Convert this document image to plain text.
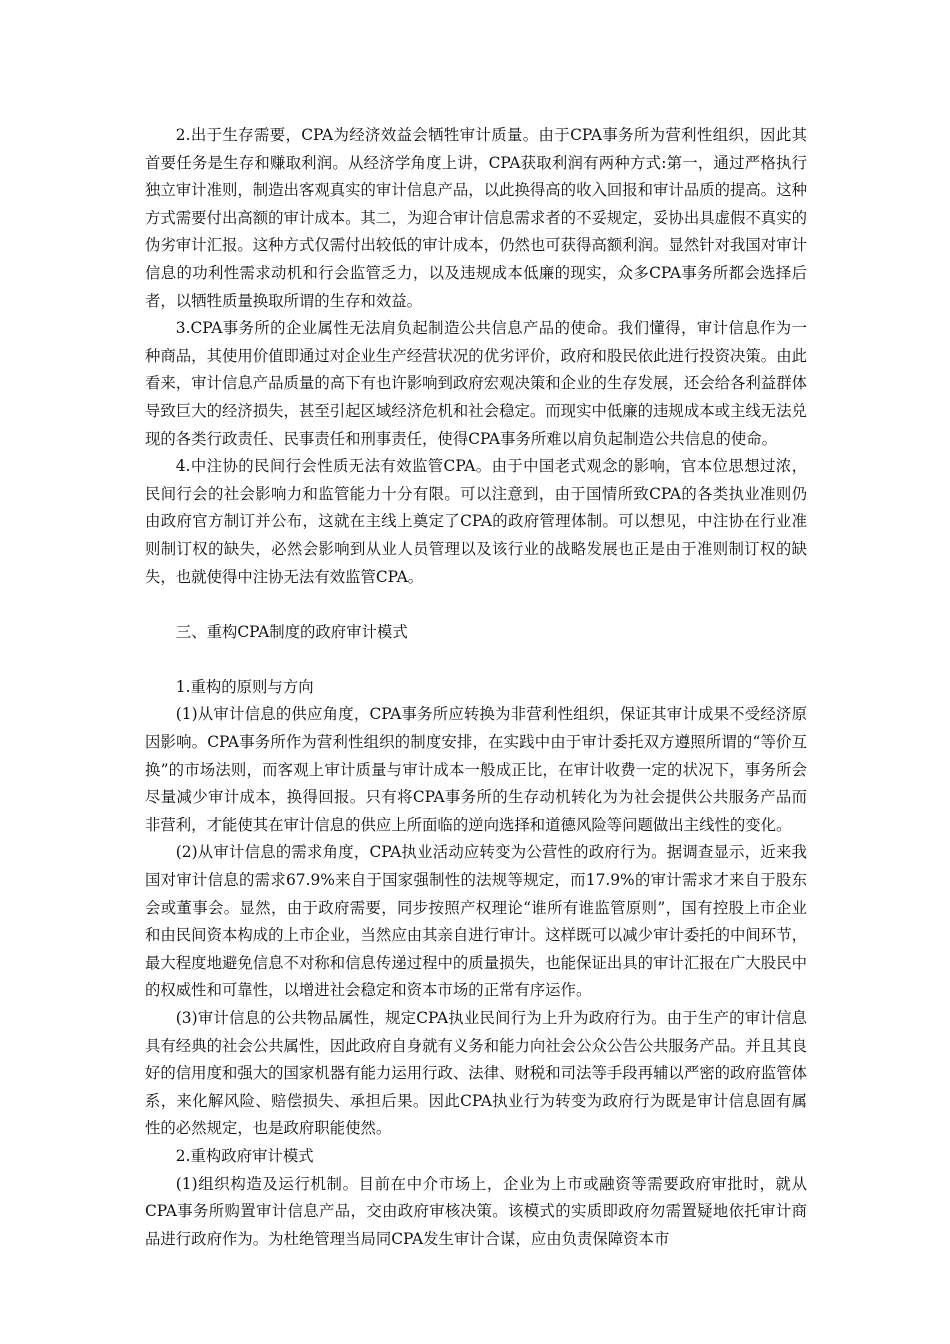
2.出于生存需要，CPA为经济效益会牺牲审计质量。由于CPA事务所为营利性组织，因此其首要任务是生存和赚取利润。从经济学角度上讲，CPA获取利润有两种方式:第一，通过严格执行独立审计准则，制造出客观真实的审计信息产品，以此换得高的收入回报和审计品质的提高。这种方式需要付出高额的审计成本。其二，为迎合审计信息需求者的不妥规定，妥协出具虚假不真实的伪劣审计汇报。这种方式仅需付出较低的审计成本，仍然也可获得高额利润。显然针对我国对审计信息的功利性需求动机和行会监管乏力，以及违规成本低廉的现实，众多CPA事务所都会选择后者，以牺牲质量换取所谓的生存和效益。

3.CPA事务所的企业属性无法肩负起制造公共信息产品的使命。我们懂得，审计信息作为一种商品，其使用价值即通过对企业生产经营状况的优劣评价，政府和股民依此进行投资决策。由此看来，审计信息产品质量的高下有也许影响到政府宏观决策和企业的生存发展，还会给各利益群体导致巨大的经济损失，甚至引起区域经济危机和社会稳定。而现实中低廉的违规成本或主线无法兑现的各类行政责任、民事责任和刑事责任，使得CPA事务所难以肩负起制造公共信息的使命。

4.中注协的民间行会性质无法有效监管CPA。由于中国老式观念的影响，官本位思想过浓，民间行会的社会影响力和监管能力十分有限。可以注意到，由于国情所致CPA的各类执业准则仍由政府官方制订并公布，这就在主线上奠定了CPA的政府管理体制。可以想见，中注协在行业准则制订权的缺失，必然会影响到从业人员管理以及该行业的战略发展也正是由于准则制订权的缺失，也就使得中注协无法有效监管CPA。

三、重构CPA制度的政府审计模式

1.重构的原则与方向

(1)从审计信息的供应角度，CPA事务所应转换为非营利性组织，保证其审计成果不受经济原因影响。CPA事务所作为营利性组织的制度安排，在实践中由于审计委托双方遵照所谓的“等价互换”的市场法则，而客观上审计质量与审计成本一般成正比，在审计收费一定的状况下，事务所会尽量减少审计成本，换得回报。只有将CPA事务所的生存动机转化为为社会提供公共服务产品而非营利，才能使其在审计信息的供应上所面临的逆向选择和道德风险等问题做出主线性的变化。

(2)从审计信息的需求角度，CPA执业活动应转变为公营性的政府行为。据调查显示，近来我国对审计信息的需求67.9%来自于国家强制性的法规等规定，而17.9%的审计需求才来自于股东会或董事会。显然，由于政府需要，同步按照产权理论“谁所有谁监管原则”，国有控股上市企业和由民间资本构成的上市企业，当然应由其亲自进行审计。这样既可以减少审计委托的中间环节，最大程度地避免信息不对称和信息传递过程中的质量损失，也能保证出具的审计汇报在广大股民中的权威性和可靠性，以增进社会稳定和资本市场的正常有序运作。

(3)审计信息的公共物品属性，规定CPA执业民间行为上升为政府行为。由于生产的审计信息具有经典的社会公共属性，因此政府自身就有义务和能力向社会公众公告公共服务产品。并且其良好的信用度和强大的国家机器有能力运用行政、法律、财税和司法等手段再辅以严密的政府监管体系，来化解风险、赔偿损失、承担后果。因此CPA执业行为转变为政府行为既是审计信息固有属性的必然规定，也是政府职能使然。

2.重构政府审计模式

(1)组织构造及运行机制。目前在中介市场上，企业为上市或融资等需要政府审批时，就从CPA事务所购置审计信息产品，交由政府审核决策。该模式的实质即政府勿需置疑地依托审计商品进行政府作为。为杜绝管理当局同CPA发生审计合谋，应由负责保障资本市
